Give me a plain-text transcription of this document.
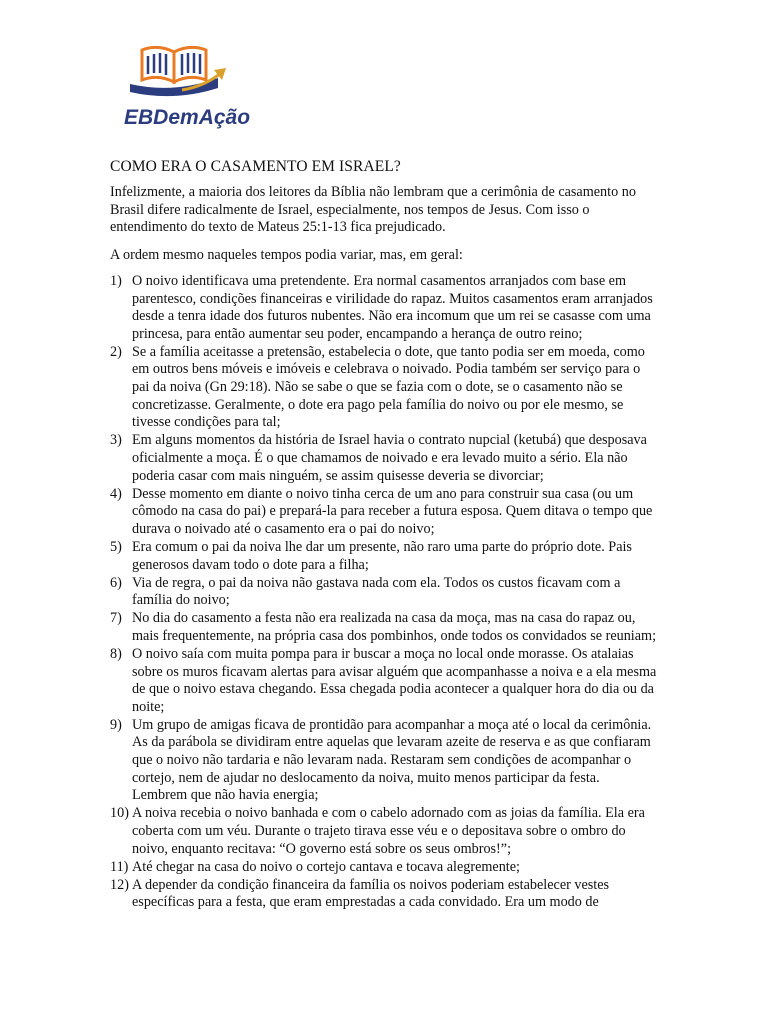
EBDemAção
COMO ERA O CASAMENTO EM ISRAEL?

Infelizmente, a maioria dos leitores da Bíblia não lembram que a cerimônia de casamento no Brasil difere radicalmente de Israel, especialmente, nos tempos de Jesus. Com isso o entendimento do texto de Mateus 25:1-13 fica prejudicado.

A ordem mesmo naqueles tempos podia variar, mas, em geral:

1) O noivo identificava uma pretendente. Era normal casamentos arranjados com base em parentesco, condições financeiras e virilidade do rapaz. Muitos casamentos eram arranjados desde a tenra idade dos futuros nubentes. Não era incomum que um rei se casasse com uma princesa, para então aumentar seu poder, encampando a herança de outro reino;
2) Se a família aceitasse a pretensão, estabelecia o dote, que tanto podia ser em moeda, como em outros bens móveis e imóveis e celebrava o noivado. Podia também ser serviço para o pai da noiva (Gn 29:18). Não se sabe o que se fazia com o dote, se o casamento não se concretizasse. Geralmente, o dote era pago pela família do noivo ou por ele mesmo, se tivesse condições para tal;
3) Em alguns momentos da história de Israel havia o contrato nupcial (ketubá) que desposava oficialmente a moça. É o que chamamos de noivado e era levado muito a sério. Ela não poderia casar com mais ninguém, se assim quisesse deveria se divorciar;
4) Desse momento em diante o noivo tinha cerca de um ano para construir sua casa (ou um cômodo na casa do pai) e prepará-la para receber a futura esposa. Quem ditava o tempo que durava o noivado até o casamento era o pai do noivo;
5) Era comum o pai da noiva lhe dar um presente, não raro uma parte do próprio dote. Pais generosos davam todo o dote para a filha;
6) Via de regra, o pai da noiva não gastava nada com ela. Todos os custos ficavam com a família do noivo;
7) No dia do casamento a festa não era realizada na casa da moça, mas na casa do rapaz ou, mais frequentemente, na própria casa dos pombinhos, onde todos os convidados se reuniam;
8) O noivo saía com muita pompa para ir buscar a moça no local onde morasse. Os atalaias sobre os muros ficavam alertas para avisar alguém que acompanhasse a noiva e a ela mesma de que o noivo estava chegando. Essa chegada podia acontecer a qualquer hora do dia ou da noite;
9) Um grupo de amigas ficava de prontidão para acompanhar a moça até o local da cerimônia. As da parábola se dividiram entre aquelas que levaram azeite de reserva e as que confiaram que o noivo não tardaria e não levaram nada. Restaram sem condições de acompanhar o cortejo, nem de ajudar no deslocamento da noiva, muito menos participar da festa. Lembrem que não havia energia;
10) A noiva recebia o noivo banhada e com o cabelo adornado com as joias da família. Ela era coberta com um véu. Durante o trajeto tirava esse véu e o depositava sobre o ombro do noivo, enquanto recitava: “O governo está sobre os seus ombros!”;
11) Até chegar na casa do noivo o cortejo cantava e tocava alegremente;
12) A depender da condição financeira da família os noivos poderiam estabelecer vestes específicas para a festa, que eram emprestadas a cada convidado. Era um modo de
